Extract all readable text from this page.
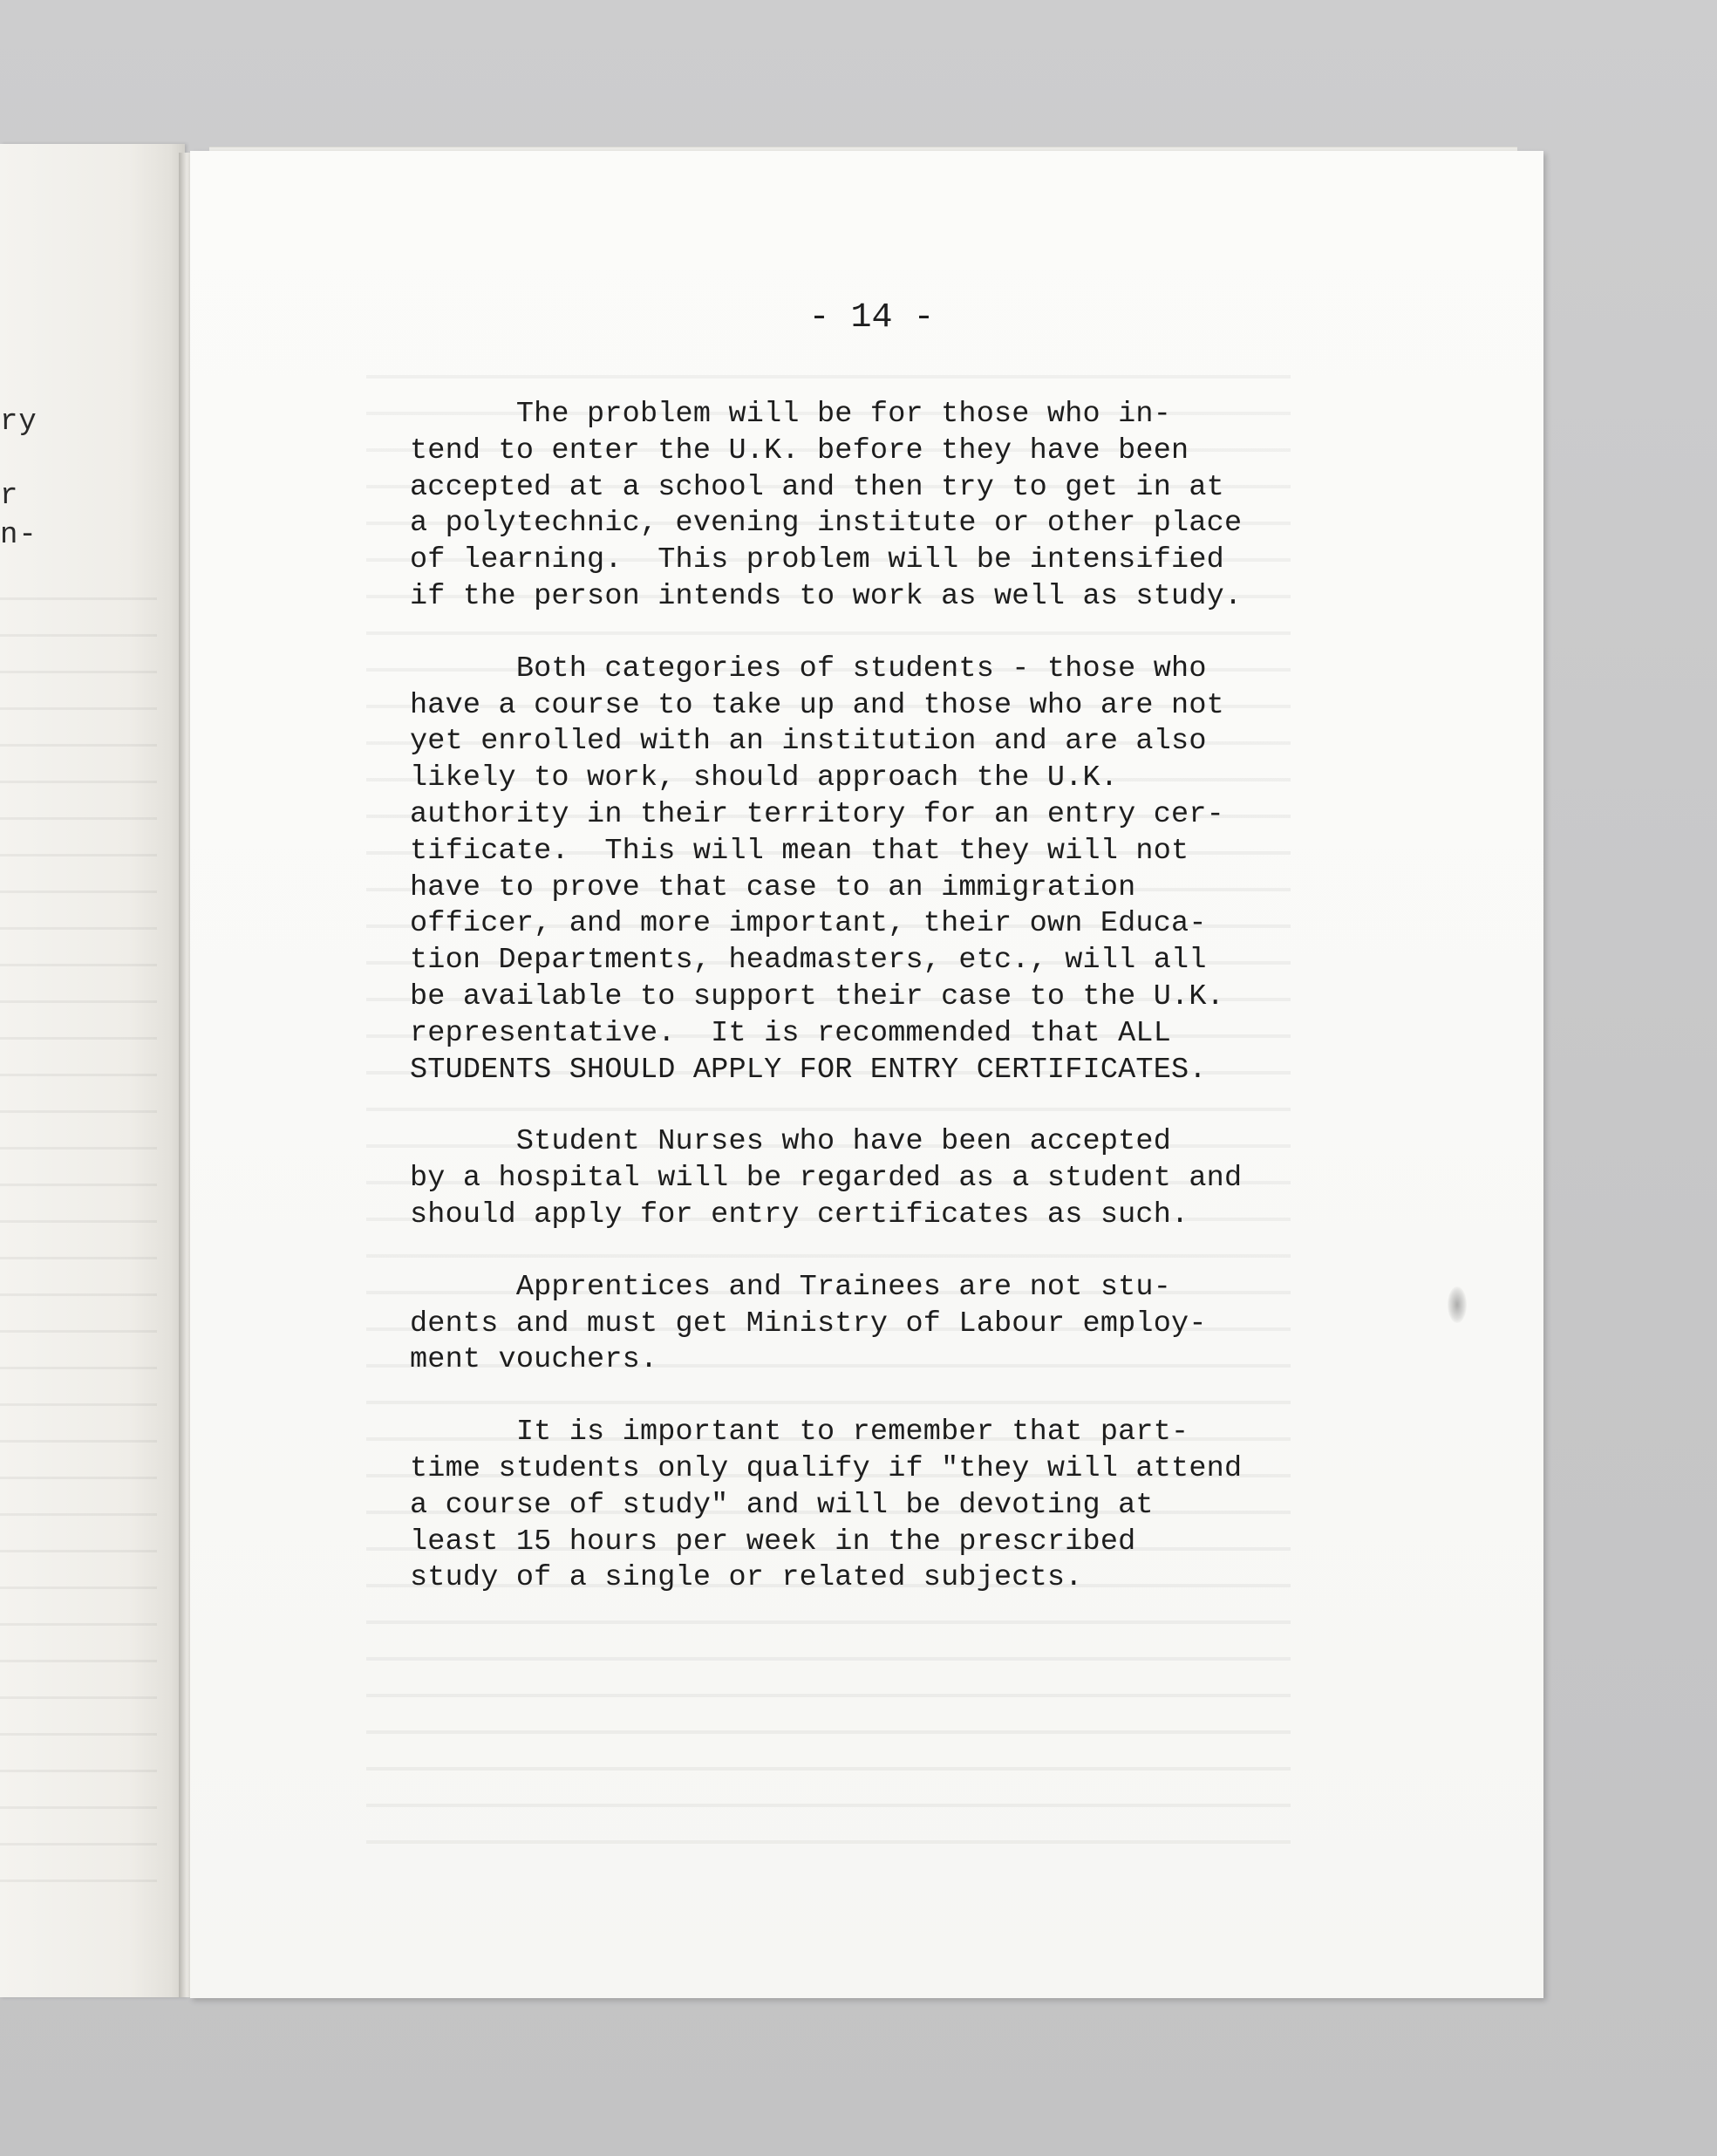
ry
r
n-
- 14 -
The problem will be for those who in-
tend to enter the U.K. before they have been
accepted at a school and then try to get in at
a polytechnic, evening institute or other place
of learning.  This problem will be intensified
if the person intends to work as well as study.
Both categories of students - those who
have a course to take up and those who are not
yet enrolled with an institution and are also
likely to work, should approach the U.K.
authority in their territory for an entry cer-
tificate.  This will mean that they will not
have to prove that case to an immigration
officer, and more important, their own Educa-
tion Departments, headmasters, etc., will all
be available to support their case to the U.K.
representative.  It is recommended that ALL
STUDENTS SHOULD APPLY FOR ENTRY CERTIFICATES.
Student Nurses who have been accepted
by a hospital will be regarded as a student and
should apply for entry certificates as such.
Apprentices and Trainees are not stu-
dents and must get Ministry of Labour employ-
ment vouchers.
It is important to remember that part-
time students only qualify if "they will attend
a course of study" and will be devoting at
least 15 hours per week in the prescribed
study of a single or related subjects.
